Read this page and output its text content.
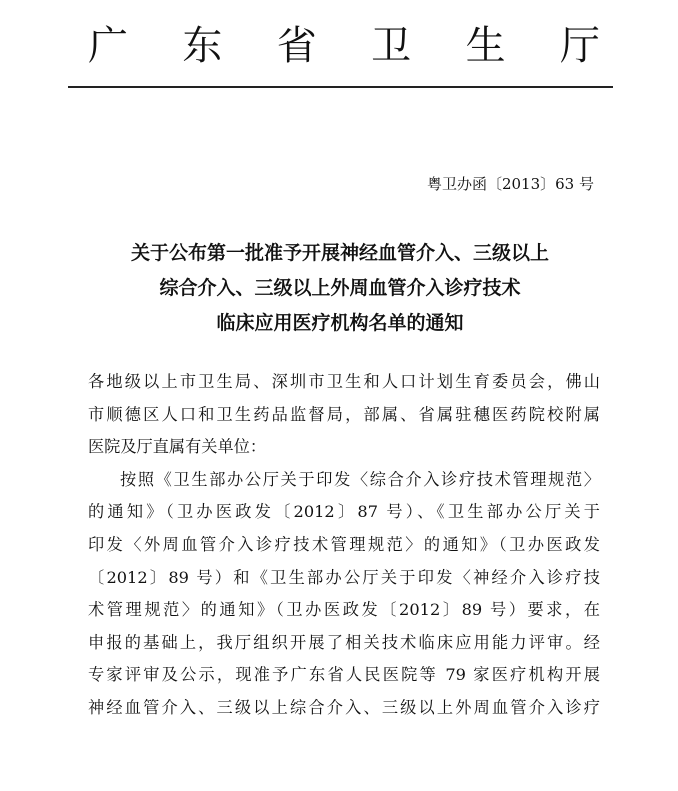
广 东 省 卫 生 厅
粤卫办函〔2013〕63 号
关于公布第一批准予开展神经血管介入、三级以上
综合介入、三级以上外周血管介入诊疗技术
临床应用医疗机构名单的通知
各地级以上市卫生局、深圳市卫生和人口计划生育委员会，佛山
市顺德区人口和卫生药品监督局，部属、省属驻穗医药院校附属
医院及厅直属有关单位：
按照《卫生部办公厅关于印发〈综合介入诊疗技术管理规范〉
的通知》（卫办医政发〔2012〕87 号）、《卫生部办公厅关于
印发〈外周血管介入诊疗技术管理规范〉的通知》（卫办医政发
〔2012〕89 号）和《卫生部办公厅关于印发〈神经介入诊疗技
术管理规范〉的通知》（卫办医政发〔2012〕89 号）要求，在
申报的基础上，我厅组织开展了相关技术临床应用能力评审。经
专家评审及公示，现准予广东省人民医院等 79 家医疗机构开展
神经血管介入、三级以上综合介入、三级以上外周血管介入诊疗
